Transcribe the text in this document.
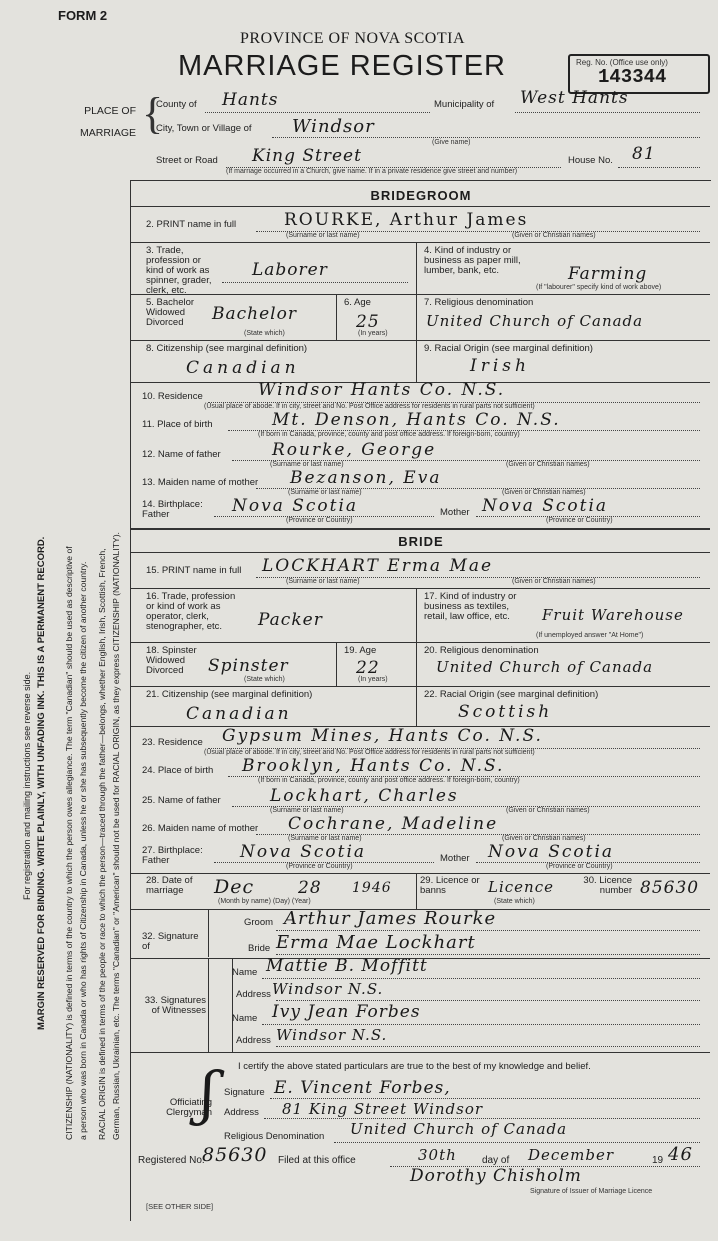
FORM 2
PROVINCE OF NOVA SCOTIA
MARRIAGE REGISTER	Reg. No. (Office use only)
143344
PLACE OF MARRIAGE {
County of Hants	Municipality of West Hants
City, Town or Village of Windsor
(Give name)
Street or Road King Street	House No. 81
(If marriage occurred in a Church, give name. If in a private residence give street and number)
MARGIN RESERVED FOR BINDING. WRITE PLAINLY, WITH UNFADING INK. THIS IS A PERMANENT RECORD.
For registration and mailing instructions see reverse side.	CITIZENSHIP (NATIONALITY) is defined in terms of the country to which the person owes allegiance. The term "Canadian" should be used as descriptive of a person who was born in Canada or who has rights of Citizenship in Canada, unless he or she has subsequently become the citizen of another country. RACIAL ORIGIN is defined in terms of the people or race to which the person—traced through the father—belongs, whether English, Irish, Scottish, French, German, Russian, Ukrainian, etc. The terms "Canadian" or "American" should not be used for RACIAL ORIGIN, as they express CITIZENSHIP (NATIONALITY).
BRIDEGROOM
2. PRINT name in full	ROURKE, Arthur James
(Surname or last name)	(Given or Christian names)
3. Trade, profession or kind of work as spinner, grader, clerk, etc.
Laborer
4. Kind of industry or business as paper mill, lumber, bank, etc.	Farming
(If "labourer" specify kind of work above)
5. Bachelor Widowed Divorced	Bachelor
(State which)
6. Age
25
(In years)
7. Religious denomination
United Church of Canada
8. Citizenship (see marginal definition)
Canadian
9. Racial Origin (see marginal definition)
Irish
10. Residence	Windsor Hants Co. N.S.
(Usual place of abode. If in city, street and No. Post Office address for residents in rural parts not sufficient)
11. Place of birth	Mt. Denson, Hants Co. N.S.
(If born in Canada, province, county and post office address. If foreign-born, country)
12. Name of father	Rourke, George
(Surname or last name)	(Given or Christian names)
13. Maiden name of mother Bezanson, Eva
(Surname or last name)	(Given or Christian names)
14. Birthplace: Father	Nova Scotia	Mother Nova Scotia
(Province or Country)	(Province or Country)
BRIDE
15. PRINT name in full LOCKHART Erma Mae
(Surname or last name)	(Given or Christian names)
16. Trade, profession or kind of work as operator, clerk, stenographer, etc.	Packer
17. Kind of industry or business as textiles, retail, law office, etc.	Fruit Warehouse
(If unemployed answer "At Home")
18. Spinster Widowed Divorced	Spinster
(State which)
19. Age
22
(In years)
20. Religious denomination
United Church of Canada
21. Citizenship (see marginal definition)
Canadian
22. Racial Origin (see marginal definition)
Scottish
23. Residence Gypsum Mines, Hants Co. N.S.
(Usual place of abode. If in city, street and No. Post Office address for residents in rural parts not sufficient)
24. Place of birth Brooklyn, Hants Co. N.S.
(If born in Canada, province, county and post office address. If foreign-born, country)
25. Name of father	Lockhart, Charles
(Surname or last name)	(Given or Christian names)
26. Maiden name of mother Cochrane, Madeline
(Surname or last name)	(Given or Christian names)
27. Birthplace: Father	Nova Scotia	Mother Nova Scotia
(Province or Country)	(Province or Country)
28. Date of marriage	Dec	28 1946
(Month by name) (Day) (Year)
29. Licence or banns	Licence
(State which)
30. Licence number 85630
32. Signature of
Groom Arthur James Rourke
Bride Erma Mae Lockhart
33. Signatures of Witnesses
Name Mattie B. Moffitt
Address Windsor N.S.
Name Ivy Jean Forbes
Address Windsor N.S.
I certify the above stated particulars are true to the best of my knowledge and belief.
Officiating Clergyman
ʃ Signature E. Vincent Forbes,
Address 81 King Street Windsor
Religious Denomination United Church of Canada
Registered No.
85630 Filed at this office	30th	day of December	19 46
Dorothy Chisholm
Signature of Issuer of Marriage Licence
[SEE OTHER SIDE]
